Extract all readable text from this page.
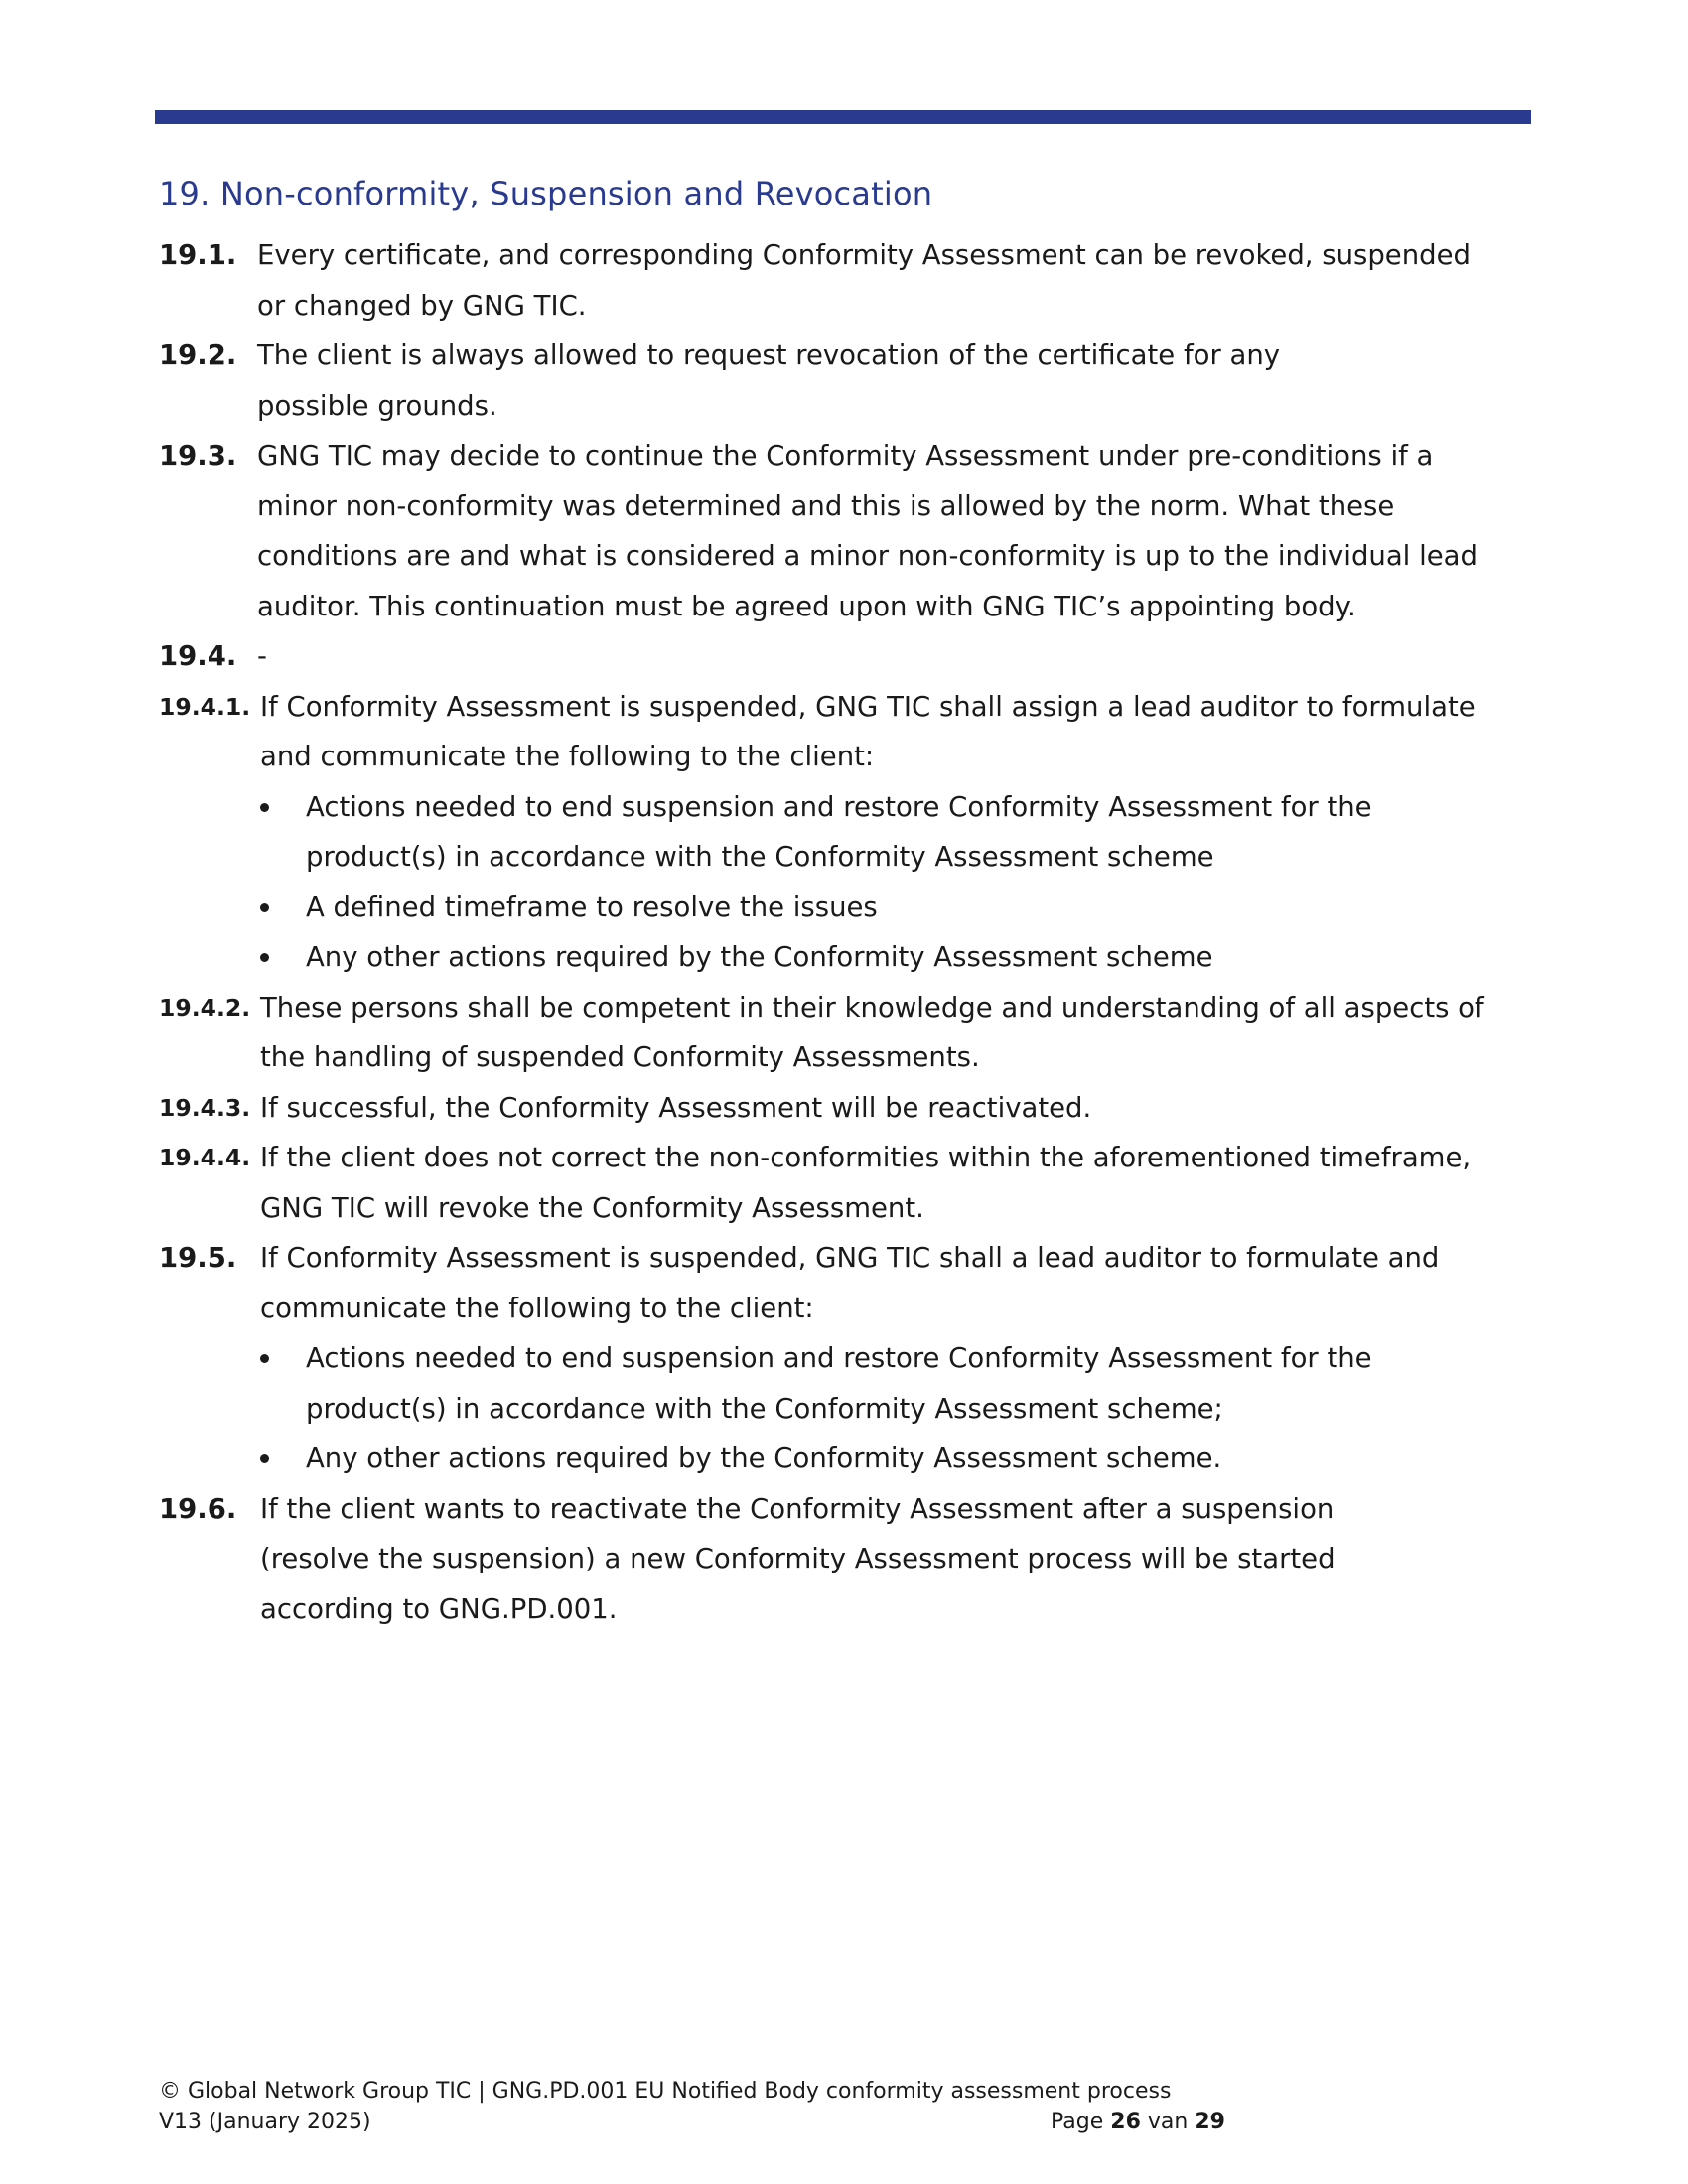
19. Non-conformity, Suspension and Revocation
19.1. Every certificate, and corresponding Conformity Assessment can be revoked, suspended or changed by GNG TIC.
19.2. The client is always allowed to request revocation of the certificate for any possible grounds.
19.3. GNG TIC may decide to continue the Conformity Assessment under pre-conditions if a minor non-conformity was determined and this is allowed by the norm. What these conditions are and what is considered a minor non-conformity is up to the individual lead auditor. This continuation must be agreed upon with GNG TIC’s appointing body.
19.4. -
19.4.1. If Conformity Assessment is suspended, GNG TIC shall assign a lead auditor to formulate and communicate the following to the client:
Actions needed to end suspension and restore Conformity Assessment for the product(s) in accordance with the Conformity Assessment scheme
A defined timeframe to resolve the issues
Any other actions required by the Conformity Assessment scheme
19.4.2. These persons shall be competent in their knowledge and understanding of all aspects of the handling of suspended Conformity Assessments.
19.4.3. If successful, the Conformity Assessment will be reactivated.
19.4.4. If the client does not correct the non-conformities within the aforementioned timeframe, GNG TIC will revoke the Conformity Assessment.
19.5. If Conformity Assessment is suspended, GNG TIC shall a lead auditor to formulate and communicate the following to the client:
Actions needed to end suspension and restore Conformity Assessment for the product(s) in accordance with the Conformity Assessment scheme;
Any other actions required by the Conformity Assessment scheme.
19.6. If the client wants to reactivate the Conformity Assessment after a suspension (resolve the suspension) a new Conformity Assessment process will be started according to GNG.PD.001.
© Global Network Group TIC | GNG.PD.001 EU Notified Body conformity assessment process
V13 (January 2025)	Page 26 van 29
